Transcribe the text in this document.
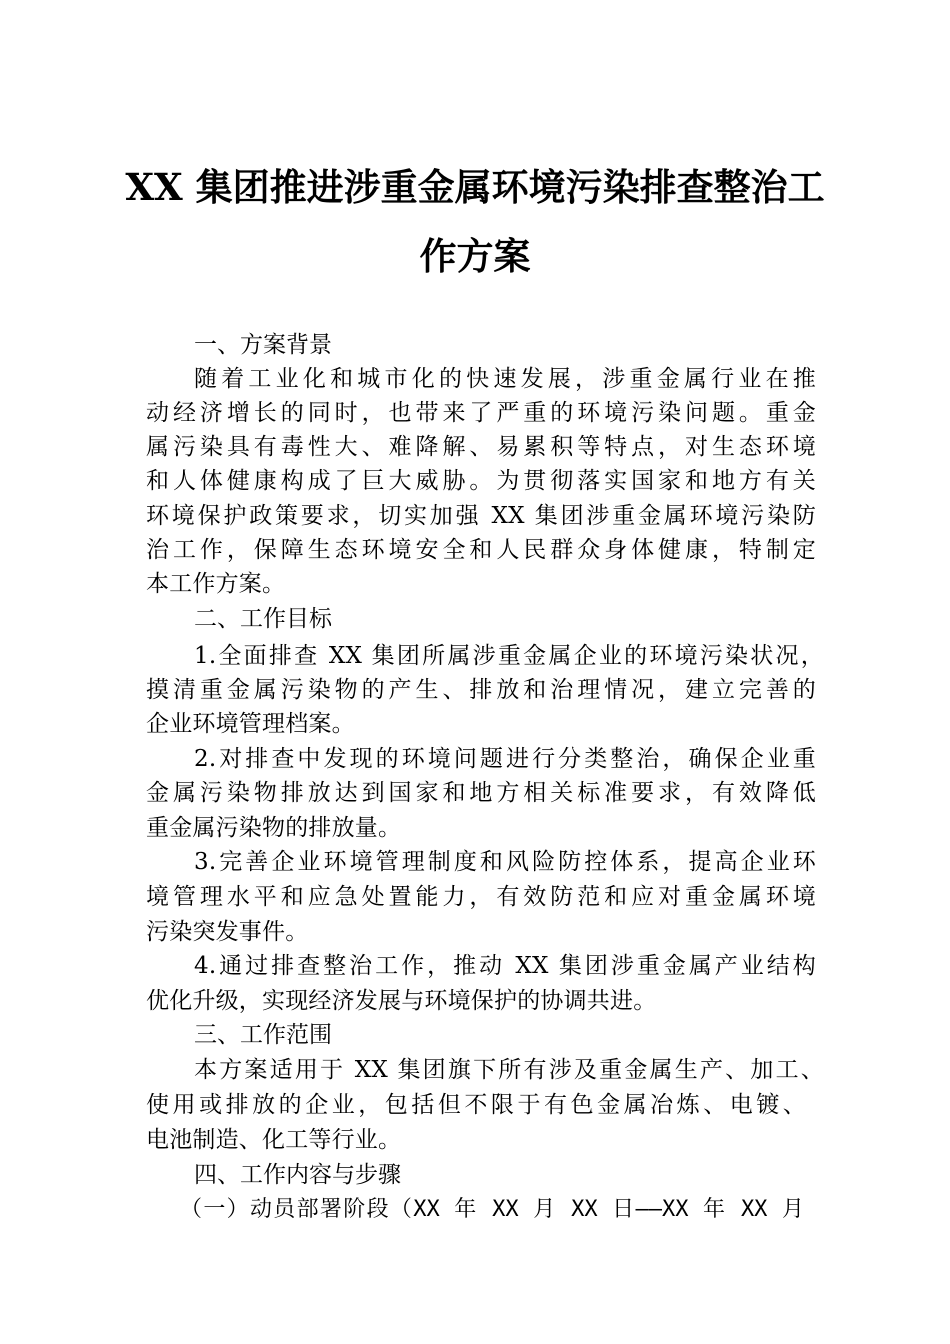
XX 集团推进涉重金属环境污染排查整治工
作方案
一、方案背景
随着工业化和城市化的快速发展，涉重金属行业在推
动经济增长的同时，也带来了严重的环境污染问题。重金
属污染具有毒性大、难降解、易累积等特点，对生态环境
和人体健康构成了巨大威胁。为贯彻落实国家和地方有关
环境保护政策要求，切实加强 XX 集团涉重金属环境污染防
治工作，保障生态环境安全和人民群众身体健康，特制定
本工作方案。
二、工作目标
1.全面排查 XX 集团所属涉重金属企业的环境污染状况，
摸清重金属污染物的产生、排放和治理情况，建立完善的
企业环境管理档案。
2.对排查中发现的环境问题进行分类整治，确保企业重
金属污染物排放达到国家和地方相关标准要求，有效降低
重金属污染物的排放量。
3.完善企业环境管理制度和风险防控体系，提高企业环
境管理水平和应急处置能力，有效防范和应对重金属环境
污染突发事件。
4.通过排查整治工作，推动 XX 集团涉重金属产业结构
优化升级，实现经济发展与环境保护的协调共进。
三、工作范围
本方案适用于 XX 集团旗下所有涉及重金属生产、加工、
使用或排放的企业，包括但不限于有色金属冶炼、电镀、
电池制造、化工等行业。
四、工作内容与步骤
（一）动员部署阶段（XX 年 XX 月 XX 日——XX 年 XX 月
